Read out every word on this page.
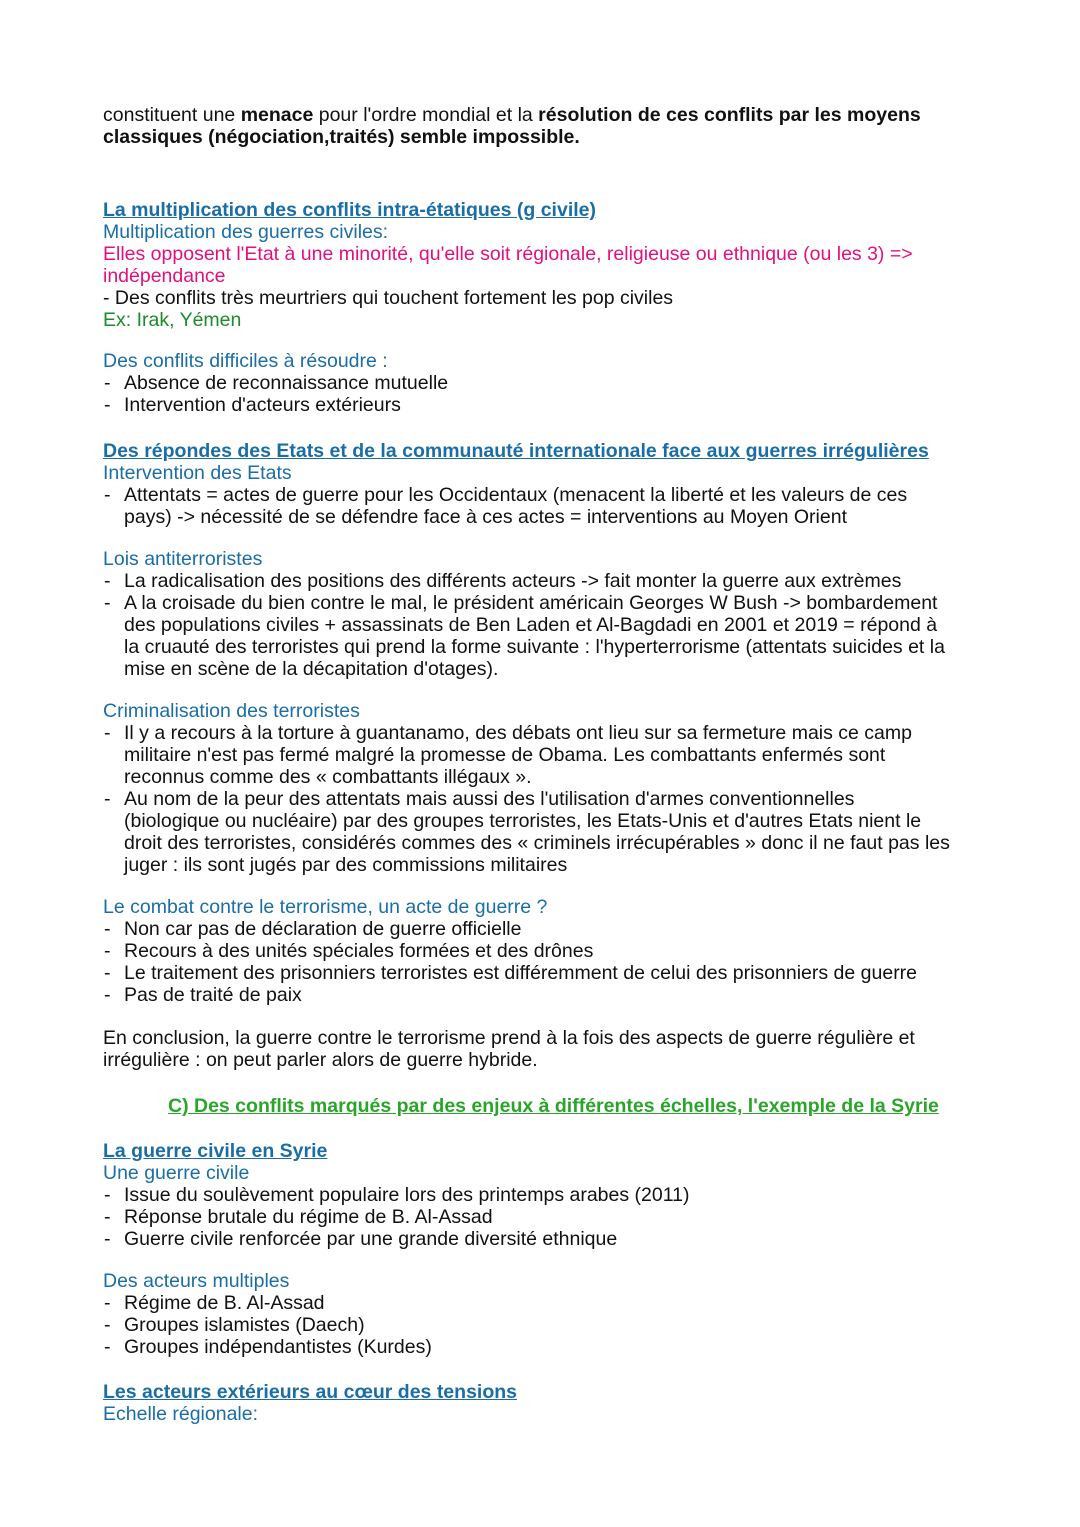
constituent une menace pour l'ordre mondial et la résolution de ces conflits par les moyens
classiques (négociation,traités) semble impossible.
La multiplication des conflits intra-étatiques (g civile)
Multiplication des guerres civiles:
Elles opposent l'Etat à une minorité, qu'elle soit régionale, religieuse ou ethnique (ou les 3) =>
indépendance
- Des conflits très meurtriers qui touchent fortement les pop civiles
Ex: Irak, Yémen
Des conflits difficiles à résoudre :
- Absence de reconnaissance mutuelle
- Intervention d'acteurs extérieurs
Des répondes des Etats et de la communauté internationale face aux guerres irrégulières
Intervention des Etats
- Attentats = actes de guerre pour les Occidentaux (menacent la liberté et les valeurs de ces
pays) -> nécessité de se défendre face à ces actes = interventions au Moyen Orient
Lois antiterroristes
- La radicalisation des positions des différents acteurs -> fait monter la guerre aux extrèmes
- A la croisade du bien contre le mal, le président américain Georges W Bush -> bombardement
des populations civiles + assassinats de Ben Laden et Al-Bagdadi en 2001 et 2019 = répond à
la cruauté des terroristes qui prend la forme suivante : l'hyperterrorisme (attentats suicides et la
mise en scène de la décapitation d'otages).
Criminalisation des terroristes
- Il y a recours à la torture à guantanamo, des débats ont lieu sur sa fermeture mais ce camp
militaire n'est pas fermé malgré la promesse de Obama. Les combattants enfermés sont
reconnus comme des « combattants illégaux ».
- Au nom de la peur des attentats mais aussi des l'utilisation d'armes conventionnelles
(biologique ou nucléaire) par des groupes terroristes, les Etats-Unis et d'autres Etats nient le
droit des terroristes, considérés commes des « criminels irrécupérables » donc il ne faut pas les
juger : ils sont jugés par des commissions militaires
Le combat contre le terrorisme, un acte de guerre ?
- Non car pas de déclaration de guerre officielle
- Recours à des unités spéciales formées et des drônes
- Le traitement des prisonniers terroristes est différemment de celui des prisonniers de guerre
- Pas de traité de paix
En conclusion, la guerre contre le terrorisme prend à la fois des aspects de guerre régulière et
irrégulière : on peut parler alors de guerre hybride.
C) Des conflits marqués par des enjeux à différentes échelles, l'exemple de la Syrie
La guerre civile en Syrie
Une guerre civile
- Issue du soulèvement populaire lors des printemps arabes (2011)
- Réponse brutale du régime de B. Al-Assad
- Guerre civile renforcée par une grande diversité ethnique
Des acteurs multiples
- Régime de B. Al-Assad
- Groupes islamistes (Daech)
- Groupes indépendantistes (Kurdes)
Les acteurs extérieurs au cœur des tensions
Echelle régionale:
